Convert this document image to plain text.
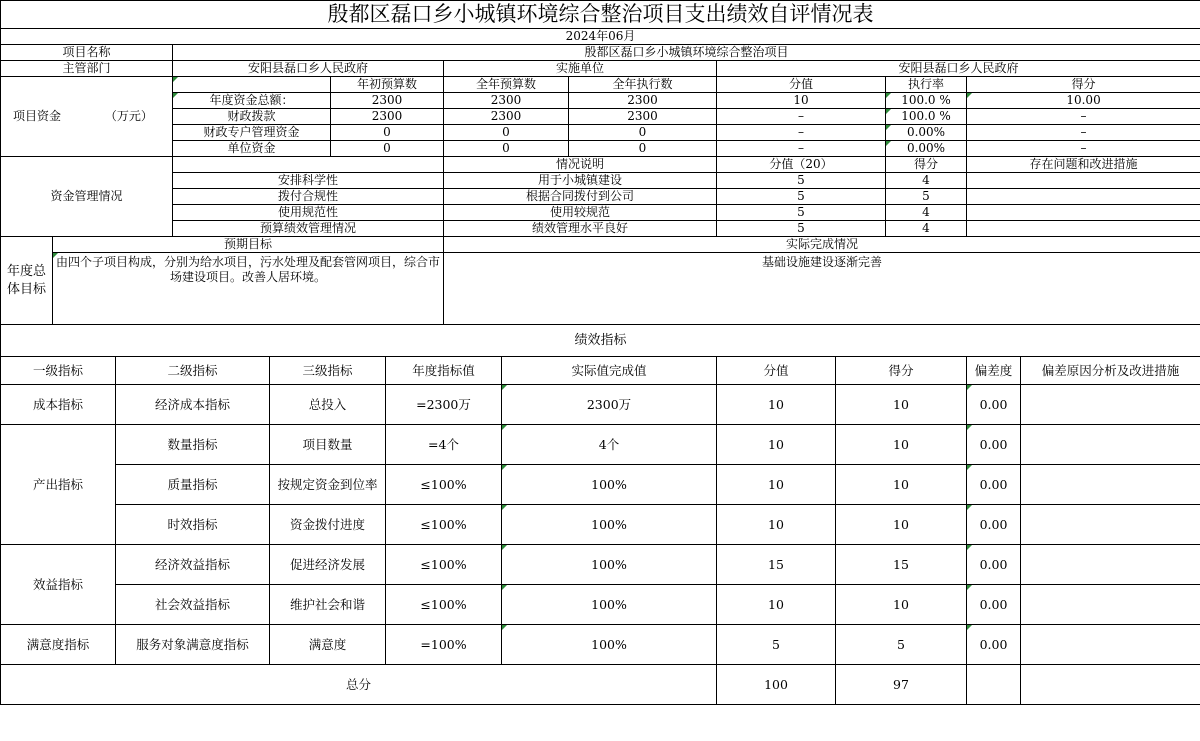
殷都区磊口乡小城镇环境综合整治项目支出绩效自评情况表								
2024年06月								
项目名称		殷都区磊口乡小城镇环境综合整治项目						
主管部门		安阳县磊口乡人民政府		实施单位		安阳县磊口乡人民政府		
项目资金 （万元）			年初预算数	全年预算数	全年执行数	分值	执行率	得分
		年度资金总额：	2300	2300	2300	10	100.0 %	10.00
		财政拨款	2300	2300	2300	–	100.0 %	–
		财政专户管理资金	0	0	0	–	0.00%	–
		单位资金	0	0	0	–	0.00%	–
资金管理情况				情况说明		分值（20）	得分	存在问题和改进措施
		安排科学性		用于小城镇建设		5	4	
		拨付合规性		根据合同拨付到公司		5	5	
		使用规范性		使用较规范		5	4	
		预算绩效管理情况		绩效管理水平良好		5	4	
年度总体目标	预期目标			实际完成情况				
	由四个子项目构成，分别为给水项目，污水处理及配套管网项目，综合市场建设项目。改善人居环境。			基础设施建设逐渐完善				
绩效指标								
一级指标	二级指标	三级指标	年度指标值	实际值完成值	分值	得分	偏差度	偏差原因分析及改进措施
成本指标	经济成本指标	总投入	=2300万	2300万	10	10	0.00	
产出指标	数量指标	项目数量	=4个	4个	10	10	0.00	
	质量指标	按规定资金到位率	≤100%	100%	10	10	0.00	
	时效指标	资金拨付进度	≤100%	100%	10	10	0.00	
效益指标	经济效益指标	促进经济发展	≤100%	100%	15	15	0.00	
	社会效益指标	维护社会和谐	≤100%	100%	10	10	0.00	
满意度指标	服务对象满意度指标	满意度	=100%	100%	5	5	0.00	
总分					100	97		
